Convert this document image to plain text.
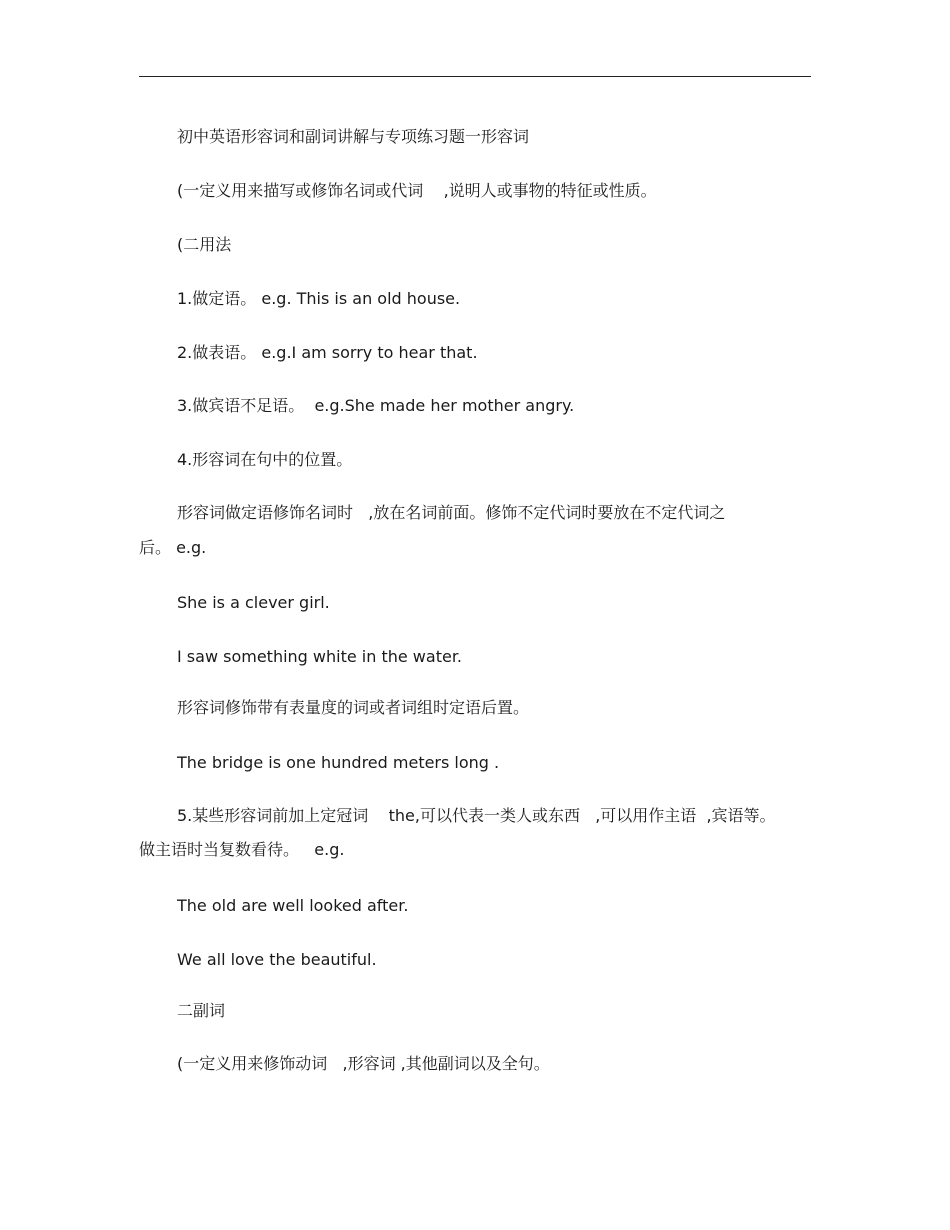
初中英语形容词和副词讲解与专项练习题一形容词
(一定义用来描写或修饰名词或代词    ,说明人或事物的特征或性质。
(二用法
1.做定语。 e.g. This is an old house.
2.做表语。 e.g.I am sorry to hear that.
3.做宾语不足语。  e.g.She made her mother angry.
4.形容词在句中的位置。
形容词做定语修饰名词时   ,放在名词前面。修饰不定代词时要放在不定代词之
后。 e.g.
She is a clever girl.
I saw something white in the water.
形容词修饰带有表量度的词或者词组时定语后置。
The bridge is one hundred meters long .
5.某些形容词前加上定冠词    the,可以代表一类人或东西   ,可以用作主语  ,宾语等。
做主语时当复数看待。   e.g.
The old are well looked after.
We all love the beautiful.
二副词
(一定义用来修饰动词   ,形容词 ,其他副词以及全句。
